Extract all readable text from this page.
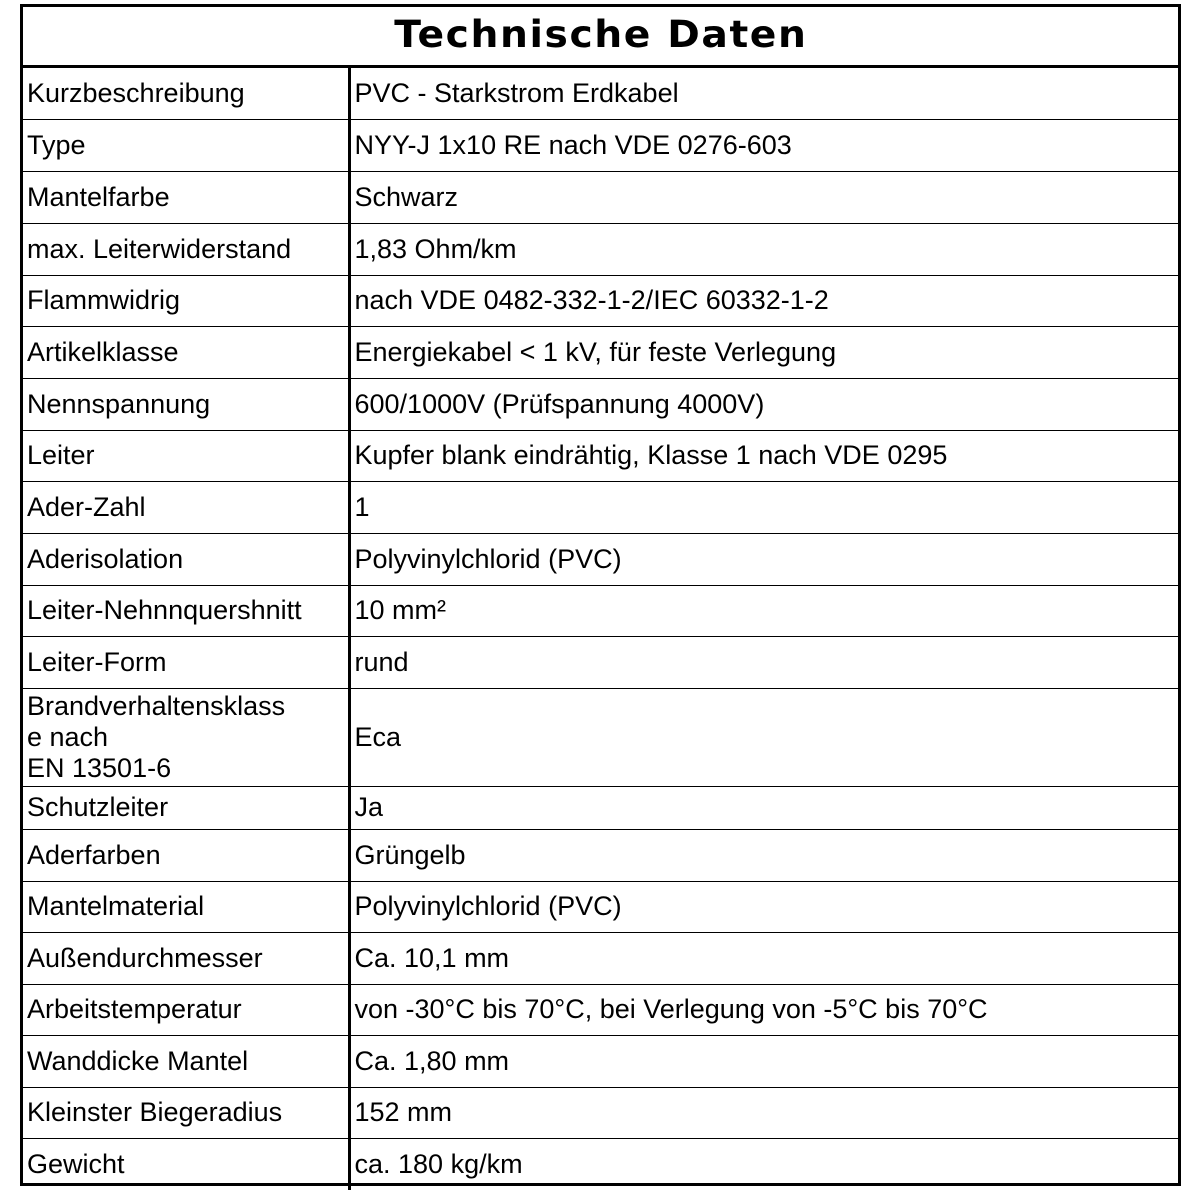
Technische Daten
Kurzbeschreibung	PVC - Starkstrom Erdkabel
Type	NYY-J 1x10 RE nach VDE 0276-603
Mantelfarbe	Schwarz
max. Leiterwiderstand	1,83 Ohm/km
Flammwidrig	nach VDE 0482-332-1-2/IEC 60332-1-2
Artikelklasse	Energiekabel < 1 kV, für feste Verlegung
Nennspannung	600/1000V (Prüfspannung 4000V)
Leiter	Kupfer blank eindrähtig, Klasse 1 nach VDE 0295
Ader-Zahl	1
Aderisolation	Polyvinylchlorid (PVC)
Leiter-Nehnnquershnitt	10 mm²
Leiter-Form	rund

Brandverhaltensklass
e nach
EN 13501-6	Eca
Schutzleiter	Ja
Aderfarben	Grüngelb
Mantelmaterial	Polyvinylchlorid (PVC)
Außendurchmesser	Ca. 10,1 mm
Arbeitstemperatur	von -30°C bis 70°C, bei Verlegung von -5°C bis 70°C
Wanddicke Mantel	Ca. 1,80 mm
Kleinster Biegeradius	152 mm
Gewicht	ca. 180 kg/km
